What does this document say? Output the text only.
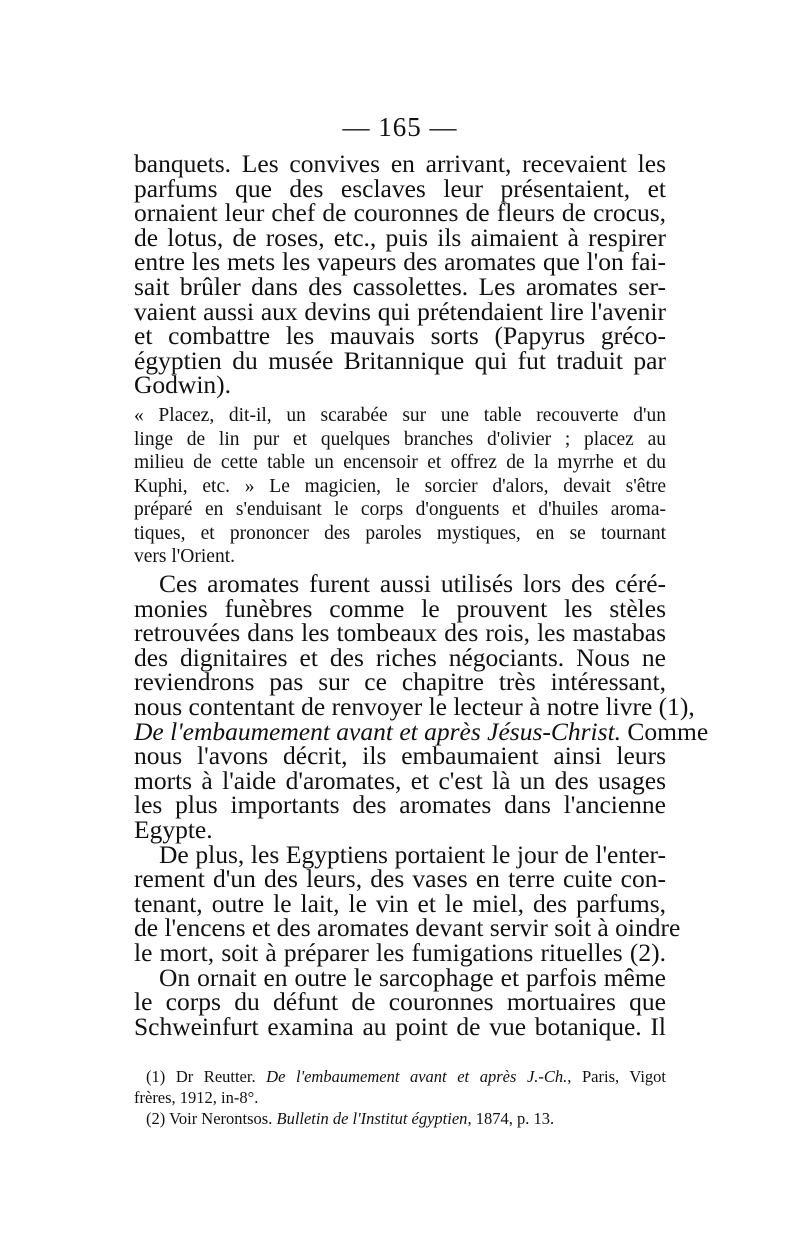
— 165 —
banquets. Les convives en arrivant, recevaient les
parfums que des esclaves leur présentaient, et
ornaient leur chef de couronnes de fleurs de crocus,
de lotus, de roses, etc., puis ils aimaient à respirer
entre les mets les vapeurs des aromates que l'on fai-
sait brûler dans des cassolettes. Les aromates ser-
vaient aussi aux devins qui prétendaient lire l'avenir
et combattre les mauvais sorts (Papyrus gréco-
égyptien du musée Britannique qui fut traduit par
Godwin).
« Placez, dit-il, un scarabée sur une table recouverte d'un
linge de lin pur et quelques branches d'olivier ; placez au
milieu de cette table un encensoir et offrez de la myrrhe et du
Kuphi, etc. » Le magicien, le sorcier d'alors, devait s'être
préparé en s'enduisant le corps d'onguents et d'huiles aroma-
tiques, et prononcer des paroles mystiques, en se tournant
vers l'Orient.
Ces aromates furent aussi utilisés lors des céré-
monies funèbres comme le prouvent les stèles
retrouvées dans les tombeaux des rois, les mastabas
des dignitaires et des riches négociants. Nous ne
reviendrons pas sur ce chapitre très intéressant,
nous contentant de renvoyer le lecteur à notre livre (1),
De l'embaumement avant et après Jésus-Christ. Comme
nous l'avons décrit, ils embaumaient ainsi leurs
morts à l'aide d'aromates, et c'est là un des usages
les plus importants des aromates dans l'ancienne
Egypte.
De plus, les Egyptiens portaient le jour de l'enter-
rement d'un des leurs, des vases en terre cuite con-
tenant, outre le lait, le vin et le miel, des parfums,
de l'encens et des aromates devant servir soit à oindre
le mort, soit à préparer les fumigations rituelles (2).
On ornait en outre le sarcophage et parfois même
le corps du défunt de couronnes mortuaires que
Schweinfurt examina au point de vue botanique. Il
(1) Dr Reutter. De l'embaumement avant et après J.-Ch., Paris, Vigot
frères, 1912, in-8°.
(2) Voir Nerontsos. Bulletin de l'Institut égyptien, 1874, p. 13.
